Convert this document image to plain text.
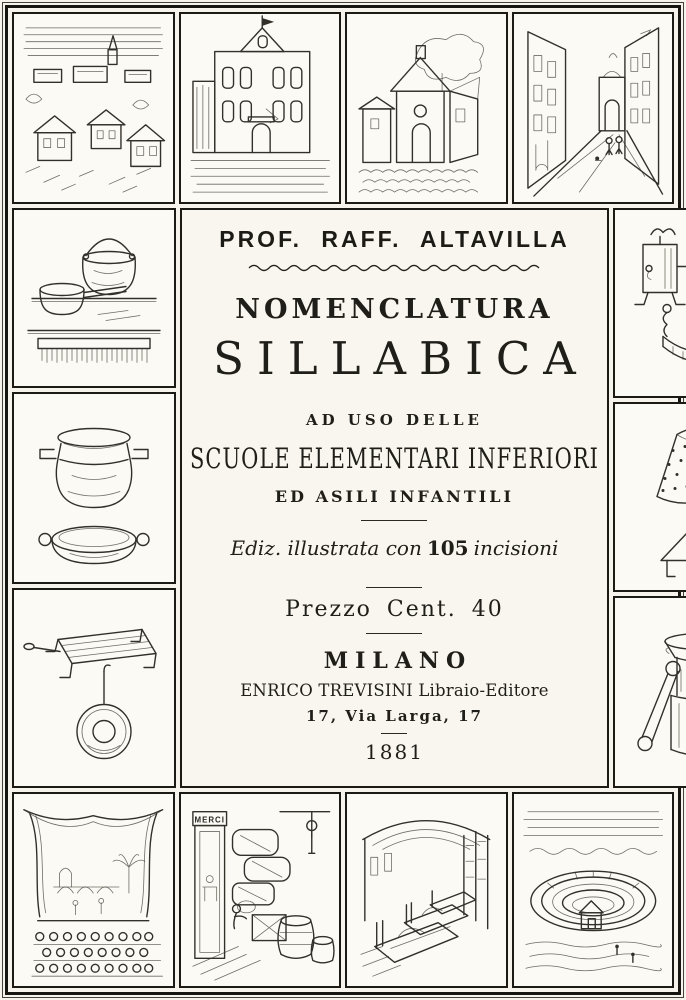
PROF. RAFF. ALTAVILLA
NOMENCLATURA
SILLABICA
AD USO DELLE
SCUOLE ELEMENTARI INFERIORI
ED ASILI INFANTILI
Ediz. illustrata con 105 incisioni
Prezzo Cent. 40
MILANO
ENRICO TREVISINI Libraio-Editore
17, Via Larga, 17
1881
MERCI
